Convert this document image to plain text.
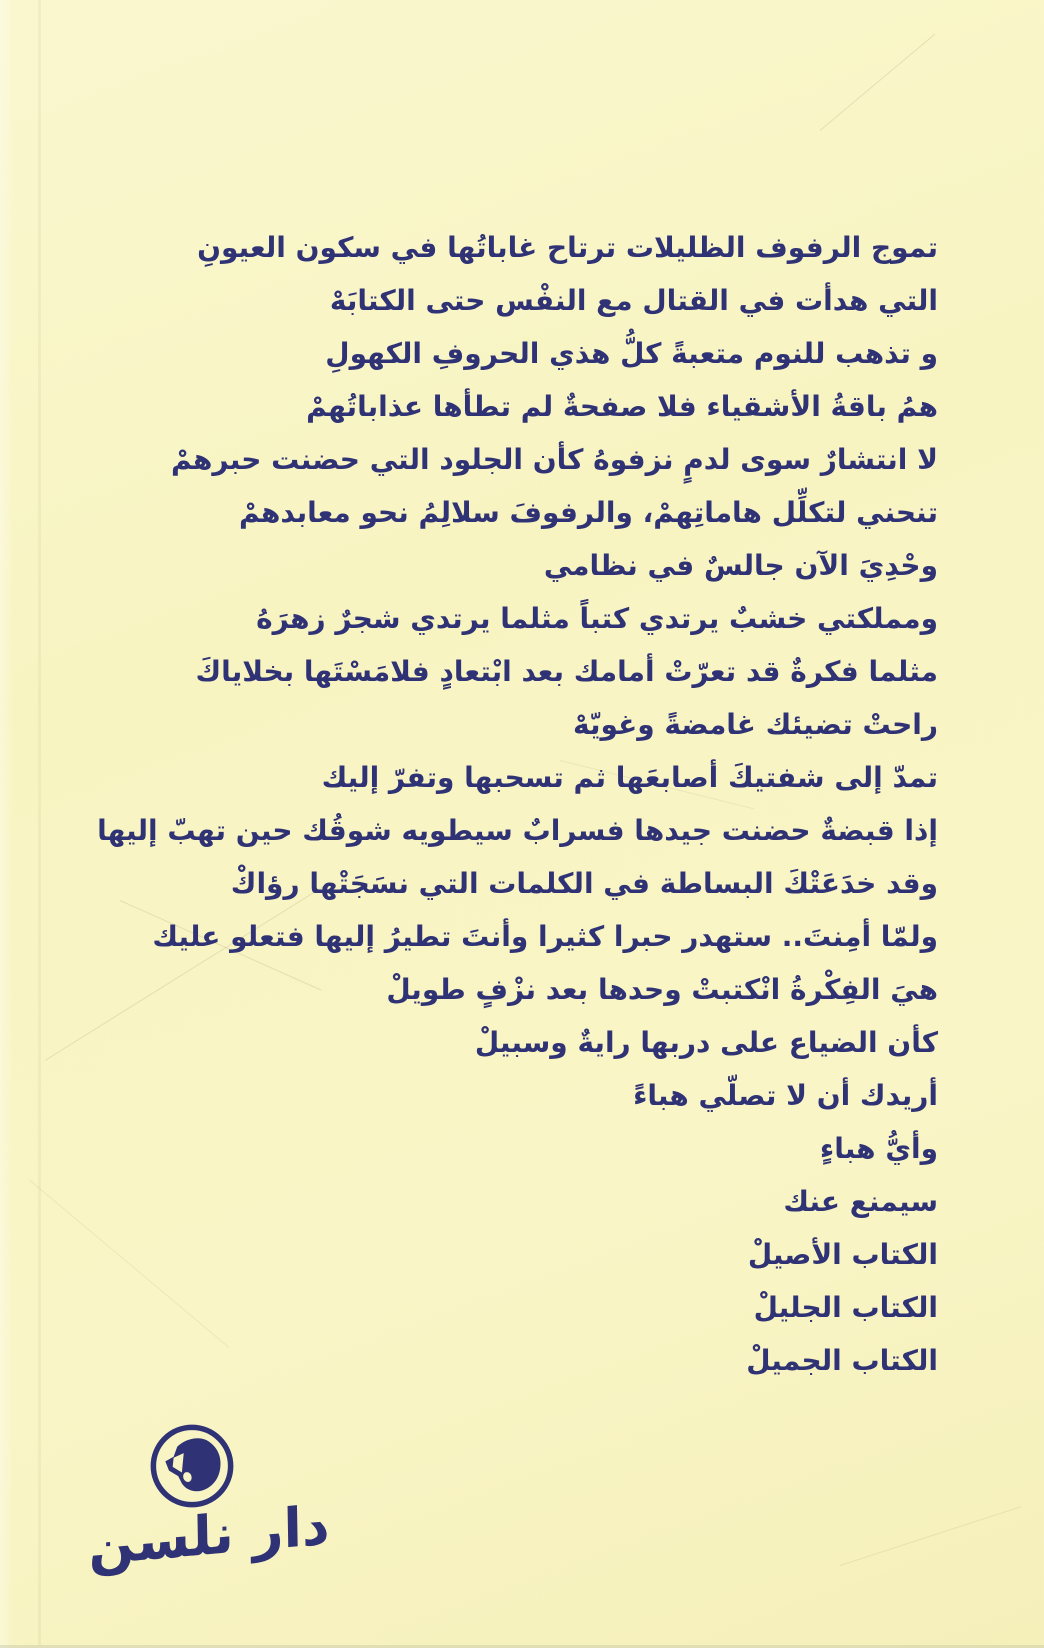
تموج الرفوف الظليلات ترتاح غاباتُها في سكون العيونِ
التي هدأت في القتال مع النفْس حتى الكتابَهْ
و تذهب للنوم متعبةً كلُّ هذي الحروفِ الكهولِ
همُ باقةُ الأشقياء فلا صفحةٌ لم تطأها عذاباتُهمْ
لا انتشارٌ سوى لدمٍ نزفوهُ كأن الجلود التي حضنت حبرهمْ
تنحني لتكلِّل هاماتِهمْ، والرفوفَ سلالِمُ نحو معابدهمْ
وحْدِيَ الآن جالسٌ في نظامي
ومملكتي خشبٌ يرتدي كتباً مثلما يرتدي شجرٌ زهرَهُ
مثلما فكرةٌ قد تعرّتْ أمامك بعد ابْتعادٍ فلامَسْتَها بخلاياكَ
راحتْ تضيئك غامضةً وغويّهْ
تمدّ إلى شفتيكَ أصابعَها ثم تسحبها وتفرّ إليك
إذا قبضةٌ حضنت جيدها فسرابٌ سيطويه شوقُك حين تهبّ إليها
وقد خدَعَتْكَ البساطة في الكلمات التي نسَجَتْها رؤاكْ
ولمّا أمِنتَ.. ستهدر حبرا كثيرا وأنتَ تطيرُ إليها فتعلو عليك
هيَ الفِكْرةُ انْكتبتْ وحدها بعد نزْفٍ طويلْ
كأن الضياع على دربها رايةٌ وسبيلْ
أريدك أن لا تصلّي هباءً
وأيُّ هباءٍ
سيمنع عنك
الكتاب الأصيلْ
الكتاب الجليلْ
الكتاب الجميلْ
دار نلسن
